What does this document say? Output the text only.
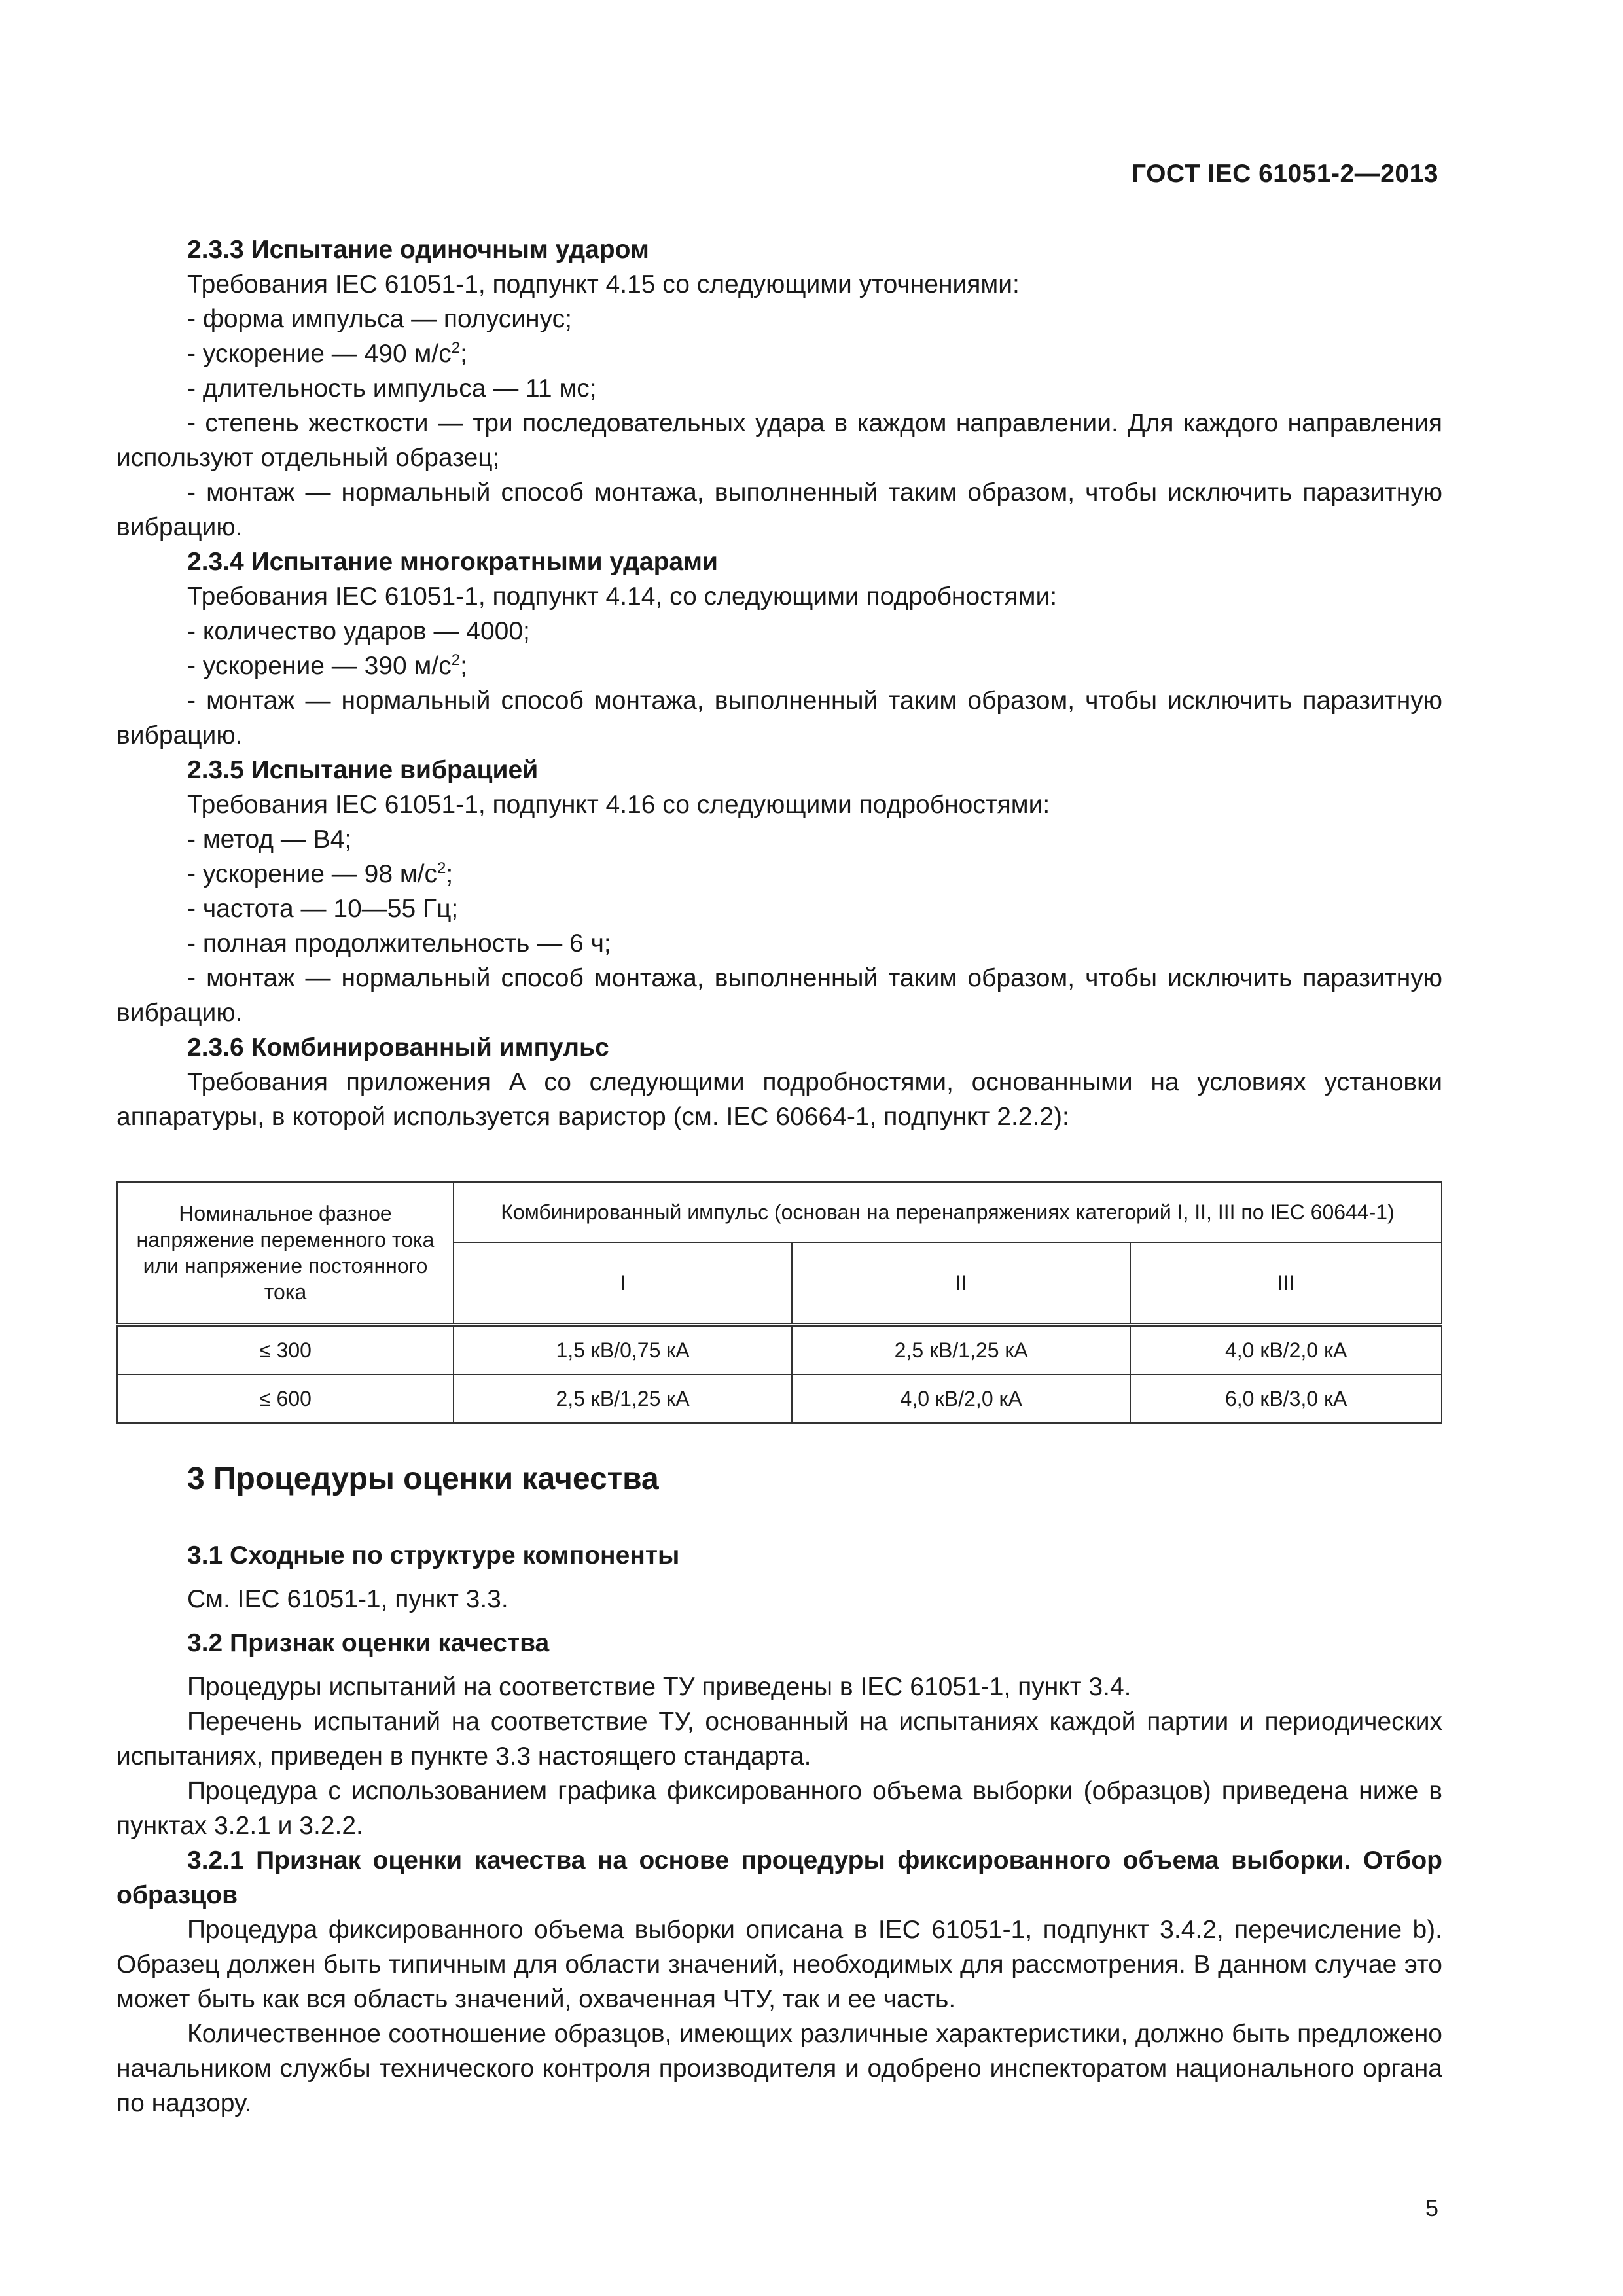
ГОСТ IEC 61051-2—2013

2.3.3 Испытание одиночным ударом

Требования IEC 61051-1, подпункт 4.15 со следующими уточнениями:

- форма импульса — полусинус;

- ускорение — 490 $м/с^2$;

- длительность импульса — 11 мс;

- степень жесткости — три последовательных удара в каждом направлении. Для каждого направления используют отдельный образец;

- монтаж — нормальный способ монтажа, выполненный таким образом, чтобы исключить паразитную вибрацию.

2.3.4 Испытание многократными ударами

Требования IEC 61051-1, подпункт 4.14, со следующими подробностями:

- количество ударов — 4000;

- ускорение — 390 $м/с^2$;

- монтаж — нормальный способ монтажа, выполненный таким образом, чтобы исключить паразитную вибрацию.

2.3.5 Испытание вибрацией

Требования IEC 61051-1, подпункт 4.16 со следующими подробностями:

- метод — В4;

- ускорение — 98 $м/с^2$;

- частота — 10—55 Гц;

- полная продолжительность — 6 ч;

- монтаж — нормальный способ монтажа, выполненный таким образом, чтобы исключить паразитную вибрацию.

2.3.6 Комбинированный импульс

Требования приложения А со следующими подробностями, основанными на условиях установки аппаратуры, в которой используется варистор (см. IEC 60664-1, подпункт 2.2.2):

Номинальное фазное напряжение переменного тока или напряжение постоянного тока	Комбинированный импульс (основан на перенапряжениях категорий I, II, III по IEC 60644-1)		
	I	II	III
≤ 300	1,5 кВ/0,75 кА	2,5 кВ/1,25 кА	4,0 кВ/2,0 кА
≤ 600	2,5 кВ/1,25 кА	4,0 кВ/2,0 кА	6,0 кВ/3,0 кА

3 Процедуры оценки качества

3.1 Сходные по структуре компоненты

См. IEC 61051-1, пункт 3.3.

3.2 Признак оценки качества

Процедуры испытаний на соответствие ТУ приведены в IEC 61051-1, пункт 3.4.

Перечень испытаний на соответствие ТУ, основанный на испытаниях каждой партии и периодических испытаниях, приведен в пункте 3.3 настоящего стандарта.

Процедура с использованием графика фиксированного объема выборки (образцов) приведена ниже в пунктах 3.2.1 и 3.2.2.

3.2.1 Признак оценки качества на основе процедуры фиксированного объема выборки. Отбор образцов

Процедура фиксированного объема выборки описана в IEC 61051-1, подпункт 3.4.2, перечисление b). Образец должен быть типичным для области значений, необходимых для рассмотрения. В данном случае это может быть как вся область значений, охваченная ЧТУ, так и ее часть.

Количественное соотношение образцов, имеющих различные характеристики, должно быть предложено начальником службы технического контроля производителя и одобрено инспекторатом национального органа по надзору.

5
